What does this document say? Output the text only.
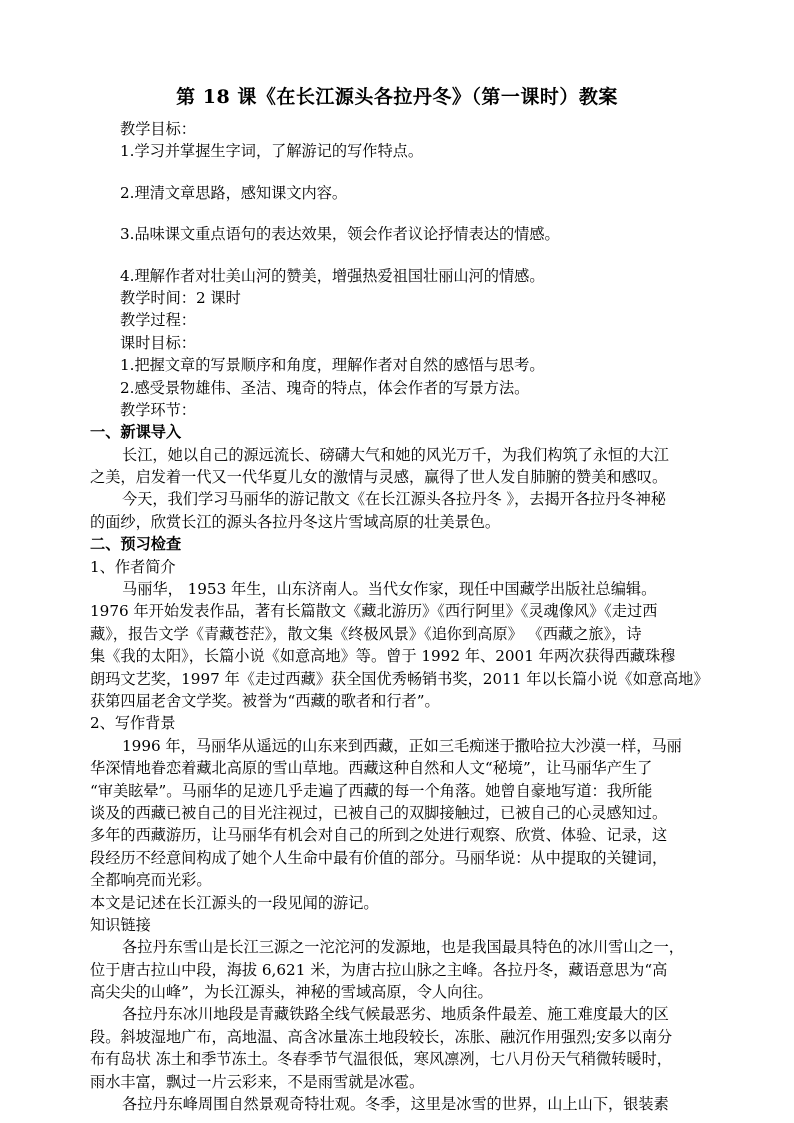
第 18 课《在长江源头各拉丹冬》（第一课时）教案
教学目标：
1.学习并掌握生字词，了解游记的写作特点。
2.理清文章思路，感知课文内容。
3.品味课文重点语句的表达效果，领会作者议论抒情表达的情感。
4.理解作者对壮美山河的赞美，增强热爱祖国壮丽山河的情感。
教学时间：2 课时
教学过程：
课时目标：
1.把握文章的写景顺序和角度，理解作者对自然的感悟与思考。
2.感受景物雄伟、圣洁、瑰奇的特点，体会作者的写景方法。
教学环节：
一、新课导入
长江，她以自己的源远流长、磅礴大气和她的风光万千，为我们构筑了永恒的大江
之美，启发着一代又一代华夏儿女的激情与灵感，赢得了世人发自肺腑的赞美和感叹。
今天，我们学习马丽华的游记散文《在长江源头各拉丹冬 》，去揭开各拉丹冬神秘
的面纱，欣赏长江的源头各拉丹冬这片雪域高原的壮美景色。
二、预习检查
1、作者简介
马丽华， 1953 年生，山东济南人。当代女作家，现任中国藏学出版社总编辑。
1976 年开始发表作品，著有长篇散文《藏北游历》《西行阿里》《灵魂像风》《走过西
藏》，报告文学《青藏苍茫》，散文集《终极风景》《追你到高原》 《西藏之旅》，诗
集《我的太阳》，长篇小说《如意高地》等。曾于 1992 年、2001 年两次获得西藏珠穆
朗玛文艺奖，1997 年《走过西藏》获全国优秀畅销书奖，2011 年以长篇小说《如意高地》
获第四届老舍文学奖。被誉为“西藏的歌者和行者”。
2、写作背景
1996 年，马丽华从遥远的山东来到西藏，正如三毛痴迷于撒哈拉大沙漠一样，马丽
华深情地眷恋着藏北高原的雪山草地。西藏这种自然和人文“秘境”，让马丽华产生了
“审美眩晕”。马丽华的足迹几乎走遍了西藏的每一个角落。她曾自豪地写道：我所能
谈及的西藏已被自己的目光注视过，已被自己的双脚接触过，已被自己的心灵感知过。
多年的西藏游历，让马丽华有机会对自己的所到之处进行观察、欣赏、体验、记录，这
段经历不经意间构成了她个人生命中最有价值的部分。马丽华说：从中提取的关键词，
全都响亮而光彩。
本文是记述在长江源头的一段见闻的游记。
知识链接
各拉丹东雪山是长江三源之一沱沱河的发源地，也是我国最具特色的冰川雪山之一，
位于唐古拉山中段，海拔 6,621 米，为唐古拉山脉之主峰。各拉丹冬，藏语意思为“高
高尖尖的山峰”，为长江源头，神秘的雪域高原，令人向往。
各拉丹东冰川地段是青藏铁路全线气候最恶劣、地质条件最差、施工难度最大的区
段。斜坡湿地广布，高地温、高含冰量冻土地段较长，冻胀、融沉作用强烈;安多以南分
布有岛状 冻土和季节冻土。冬春季节气温很低，寒风凛冽，七八月份天气稍微转暖时，
雨水丰富，飘过一片云彩来，不是雨雪就是冰雹。
各拉丹东峰周围自然景观奇特壮观。冬季，这里是冰雪的世界，山上山下，银装素
